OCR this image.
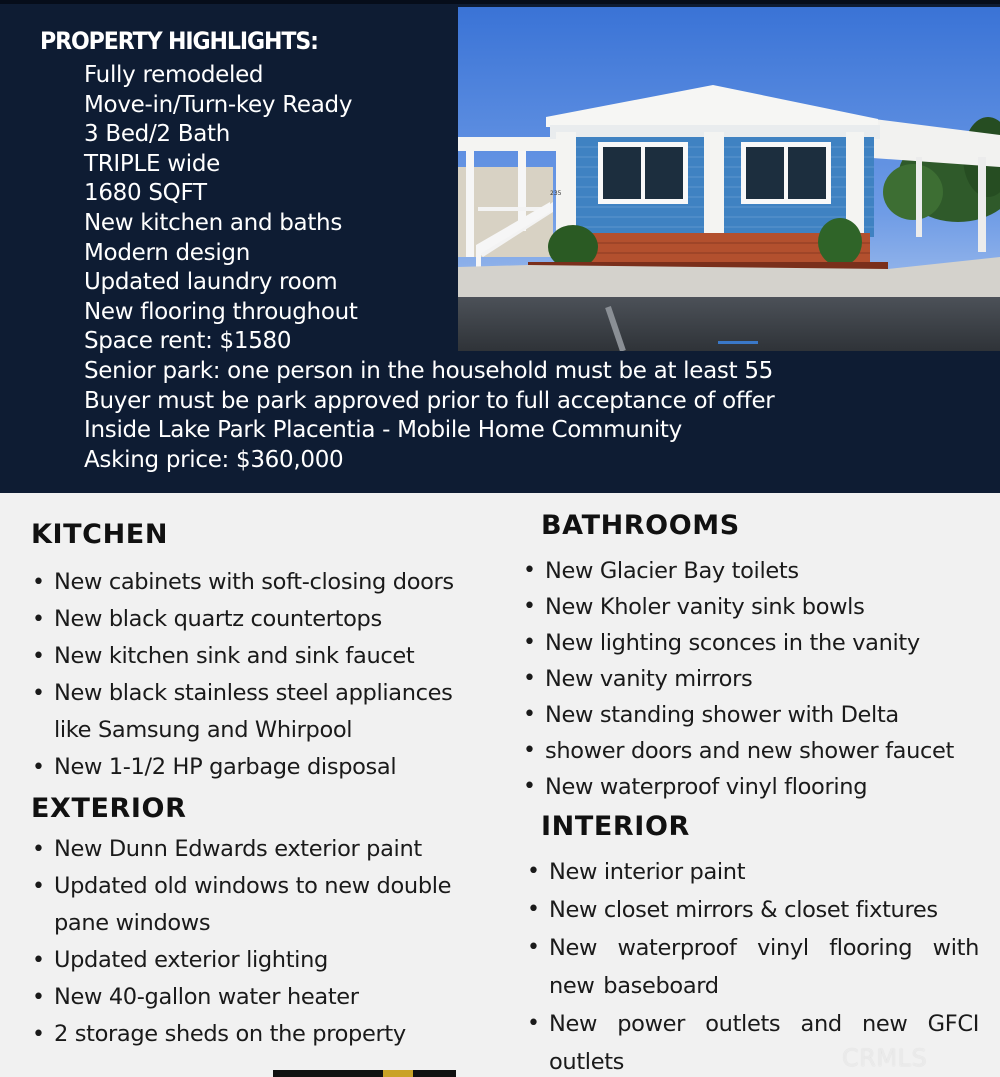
PROPERTY HIGHLIGHTS:
Fully remodeled
Move-in/Turn-key Ready
3 Bed/2 Bath
TRIPLE wide
1680 SQFT
New kitchen and baths
Modern design
Updated laundry room
New flooring throughout
Space rent: $1580
Senior park: one person in the household must be at least 55
Buyer must be park approved prior to full acceptance of offer
Inside Lake Park Placentia - Mobile Home Community
Asking price: $360,000
235
KITCHEN
• New cabinets with soft-closing doors
• New black quartz countertops
• New kitchen sink and sink faucet
• New black stainless steel appliances like Samsung and Whirpool
• New 1-1/2 HP garbage disposal
EXTERIOR
• New Dunn Edwards exterior paint
• Updated old windows to new double pane windows
• Updated exterior lighting
• New 40-gallon water heater
• 2 storage sheds on the property
BATHROOMS
• New Glacier Bay toilets
• New Kholer vanity sink bowls
• New lighting sconces in the vanity
• New vanity mirrors
• New standing shower with Delta
• shower doors and new shower faucet
• New waterproof vinyl flooring
INTERIOR
• New interior paint
• New closet mirrors & closet fixtures
• New waterproof vinyl flooring with new baseboard
• New power outlets and new GFCI outlets	CRMLS
